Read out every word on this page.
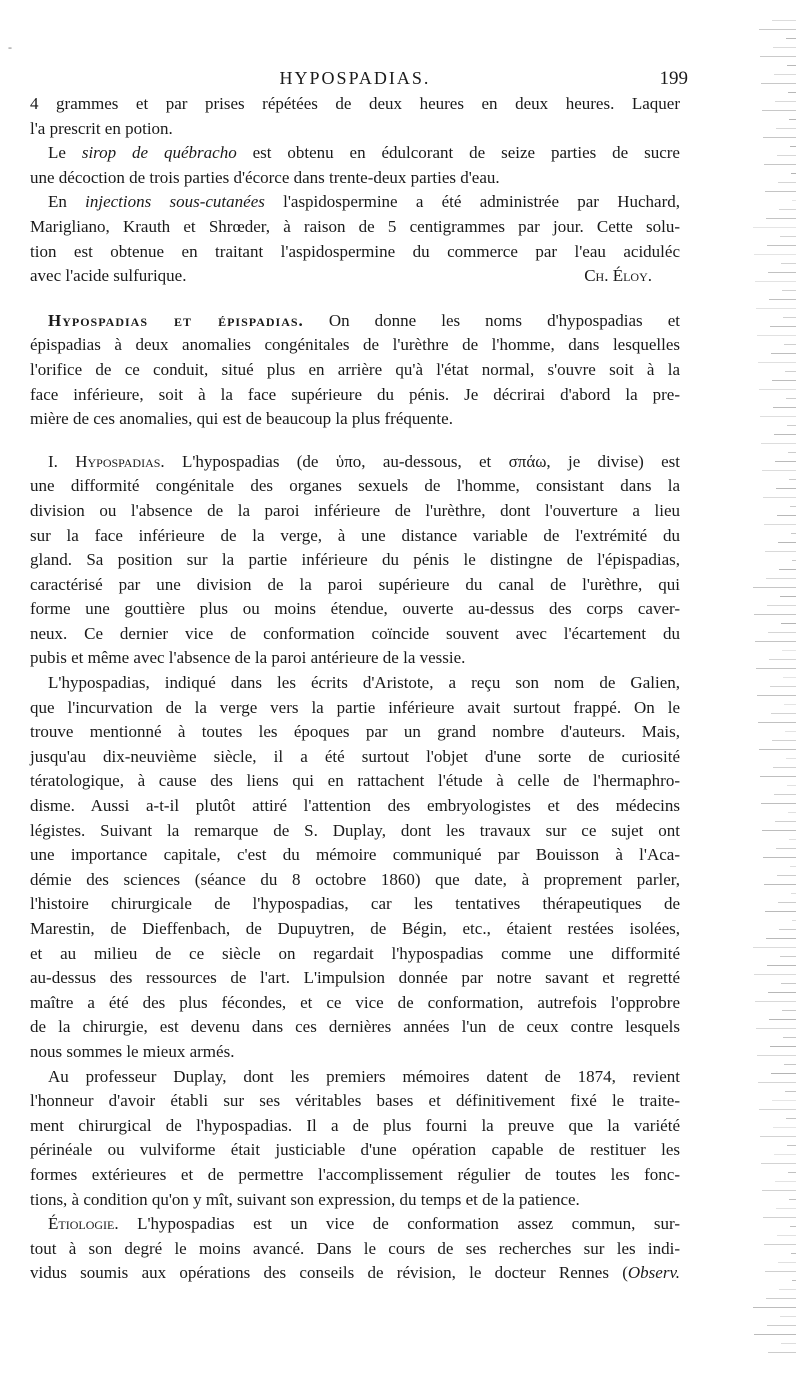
-
HYPOSPADIAS.	199

4 grammes et par prises répétées de deux heures en deux heures. Laquer
l'a prescrit en potion.

Le sirop de québracho est obtenu en édulcorant de seize parties de sucre
une décoction de trois parties d'écorce dans trente-deux parties d'eau.

En injections sous-cutanées l'aspidospermine a été administrée par Huchard,
Marigliano, Krauth et Shrœder, à raison de 5 centigrammes par jour. Cette solu-
tion est obtenue en traitant l'aspidospermine du commerce par l'eau aciduléc
avec l'acide sulfurique.	Ch. Éloy.

Hypospadias et épispadias. On donne les noms d'hypospadias et
épispadias à deux anomalies congénitales de l'urèthre de l'homme, dans lesquelles
l'orifice de ce conduit, situé plus en arrière qu'à l'état normal, s'ouvre soit à la
face inférieure, soit à la face supérieure du pénis. Je décrirai d'abord la pre-
mière de ces anomalies, qui est de beaucoup la plus fréquente.

I. Hypospadias. L'hypospadias (de ὑπο, au-dessous, et σπάω, je divise) est
une difformité congénitale des organes sexuels de l'homme, consistant dans la
division ou l'absence de la paroi inférieure de l'urèthre, dont l'ouverture a lieu
sur la face inférieure de la verge, à une distance variable de l'extrémité du
gland. Sa position sur la partie inférieure du pénis le distingne de l'épispadias,
caractérisé par une division de la paroi supérieure du canal de l'urèthre, qui
forme une gouttière plus ou moins étendue, ouverte au-dessus des corps caver-
neux. Ce dernier vice de conformation coïncide souvent avec l'écartement du
pubis et même avec l'absence de la paroi antérieure de la vessie.

L'hypospadias, indiqué dans les écrits d'Aristote, a reçu son nom de Galien,
que l'incurvation de la verge vers la partie inférieure avait surtout frappé. On le
trouve mentionné à toutes les époques par un grand nombre d'auteurs. Mais,
jusqu'au dix-neuvième siècle, il a été surtout l'objet d'une sorte de curiosité
tératologique, à cause des liens qui en rattachent l'étude à celle de l'hermaphro-
disme. Aussi a-t-il plutôt attiré l'attention des embryologistes et des médecins
légistes. Suivant la remarque de S. Duplay, dont les travaux sur ce sujet ont
une importance capitale, c'est du mémoire communiqué par Bouisson à l'Aca-
démie des sciences (séance du 8 octobre 1860) que date, à proprement parler,
l'histoire chirurgicale de l'hypospadias, car les tentatives thérapeutiques de
Marestin, de Dieffenbach, de Dupuytren, de Bégin, etc., étaient restées isolées,
et au milieu de ce siècle on regardait l'hypospadias comme une difformité
au-dessus des ressources de l'art. L'impulsion donnée par notre savant et regretté
maître a été des plus fécondes, et ce vice de conformation, autrefois l'opprobre
de la chirurgie, est devenu dans ces dernières années l'un de ceux contre lesquels
nous sommes le mieux armés.

Au professeur Duplay, dont les premiers mémoires datent de 1874, revient
l'honneur d'avoir établi sur ses véritables bases et définitivement fixé le traite-
ment chirurgical de l'hypospadias. Il a de plus fourni la preuve que la variété
périnéale ou vulviforme était justiciable d'une opération capable de restituer les
formes extérieures et de permettre l'accomplissement régulier de toutes les fonc-
tions, à condition qu'on y mît, suivant son expression, du temps et de la patience.

Étiologie. L'hypospadias est un vice de conformation assez commun, sur-
tout à son degré le moins avancé. Dans le cours de ses recherches sur les indi-
vidus soumis aux opérations des conseils de révision, le docteur Rennes (Observ.
